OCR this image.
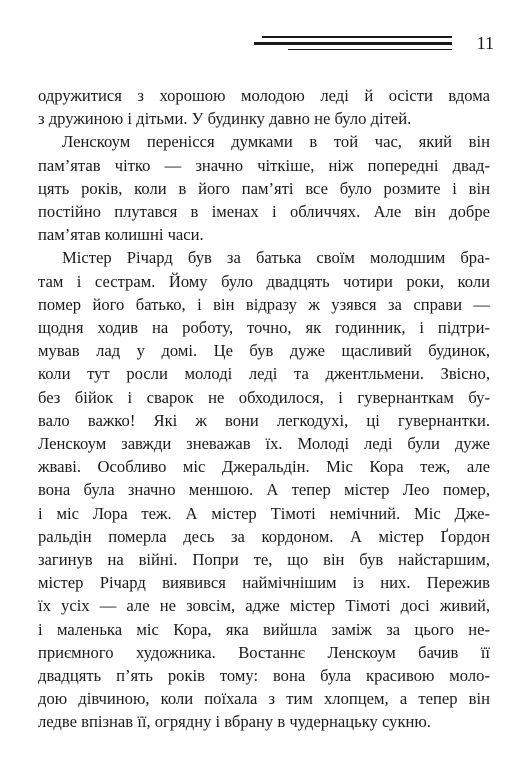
11

одружитися з хорошою молодою леді й осісти вдома
з дружиною і дітьми. У будинку давно не було дітей.

Ленскоум перенісся думками в той час, який він
пам’ятав чітко — значно чіткіше, ніж попередні двад-
цять років, коли в його пам’яті все було розмите і він
постійно плутався в іменах і обличчях. Але він добре
пам’ятав колишні часи.

Містер Річард був за батька своїм молодшим бра-
там і сестрам. Йому було двадцять чотири роки, коли
помер його батько, і він відразу ж узявся за справи —
щодня ходив на роботу, точно, як годинник, і підтри-
мував лад у домі. Це був дуже щасливий будинок,
коли тут росли молоді леді та джентльмени. Звісно,
без бійок і сварок не обходилося, і гувернанткам бу-
вало важко! Які ж вони легкодухі, ці гувернантки.
Ленскоум завжди зневажав їх. Молоді леді були дуже
жваві. Особливо міс Джеральдін. Міс Кора теж, але
вона була значно меншою. А тепер містер Лео помер,
і міс Лора теж. А містер Тімоті немічний. Міс Дже-
ральдін померла десь за кордоном. А містер Ґордон
загинув на війні. Попри те, що він був найстаршим,
містер Річард виявився наймічнішим із них. Пережив
їх усіх — але не зовсім, адже містер Тімоті досі живий,
і маленька міс Кора, яка вийшла заміж за цього не-
приємного художника. Востаннє Ленскоум бачив її
двадцять п’ять років тому: вона була красивою моло-
дою дівчиною, коли поїхала з тим хлопцем, а тепер він
ледве впізнав її, огрядну і вбрану в чудернацьку сукню.
